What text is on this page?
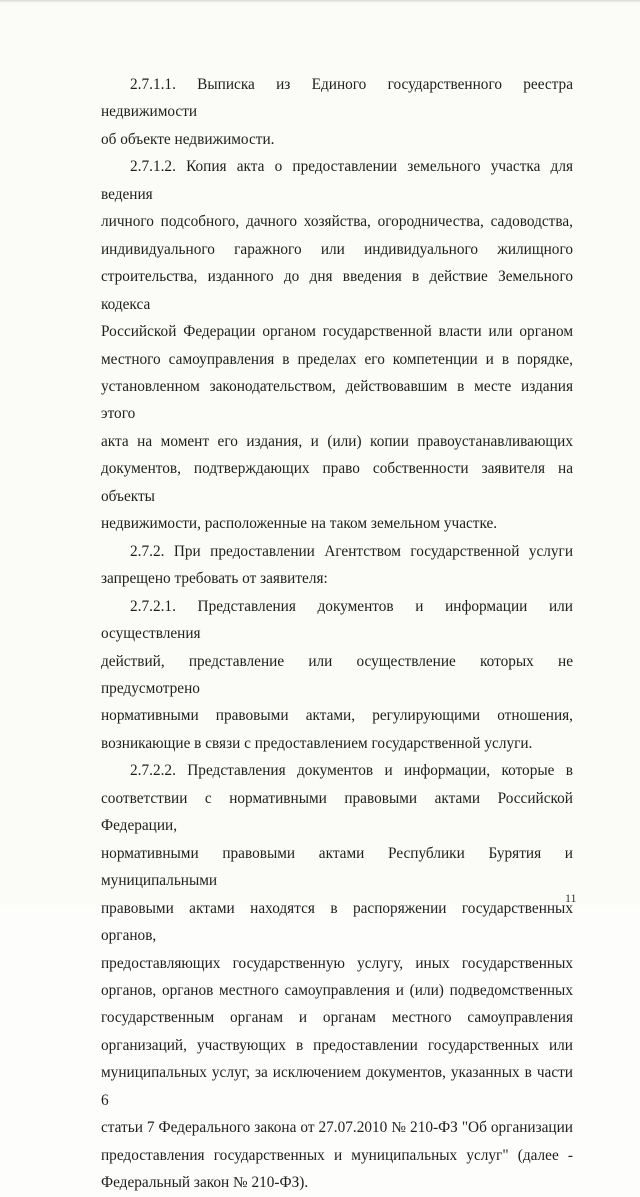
2.7.1.1. Выписка из Единого государственного реестра недвижимости
об объекте недвижимости.
2.7.1.2. Копия акта о предоставлении земельного участка для ведения
личного подсобного, дачного хозяйства, огородничества, садоводства,
индивидуального гаражного или индивидуального жилищного
строительства, изданного до дня введения в действие Земельного кодекса
Российской Федерации органом государственной власти или органом
местного самоуправления в пределах его компетенции и в порядке,
установленном законодательством, действовавшим в месте издания этого
акта на момент его издания, и (или) копии правоустанавливающих
документов, подтверждающих право собственности заявителя на объекты
недвижимости, расположенные на таком земельном участке.
2.7.2. При предоставлении Агентством государственной услуги
запрещено требовать от заявителя:
2.7.2.1. Представления документов и информации или осуществления
действий, представление или осуществление которых не предусмотрено
нормативными правовыми актами, регулирующими отношения,
возникающие в связи с предоставлением государственной услуги.
2.7.2.2. Представления документов и информации, которые в
соответствии с нормативными правовыми актами Российской Федерации,
нормативными правовыми актами Республики Бурятия и муниципальными
правовыми актами находятся в распоряжении государственных органов,
предоставляющих государственную услугу, иных государственных
органов, органов местного самоуправления и (или) подведомственных
государственным органам и органам местного самоуправления
организаций, участвующих в предоставлении государственных или
муниципальных услуг, за исключением документов, указанных в части 6
статьи 7 Федерального закона от 27.07.2010 № 210-ФЗ "Об организации
предоставления государственных и муниципальных услуг" (далее -
Федеральный закон № 210-ФЗ).
11
